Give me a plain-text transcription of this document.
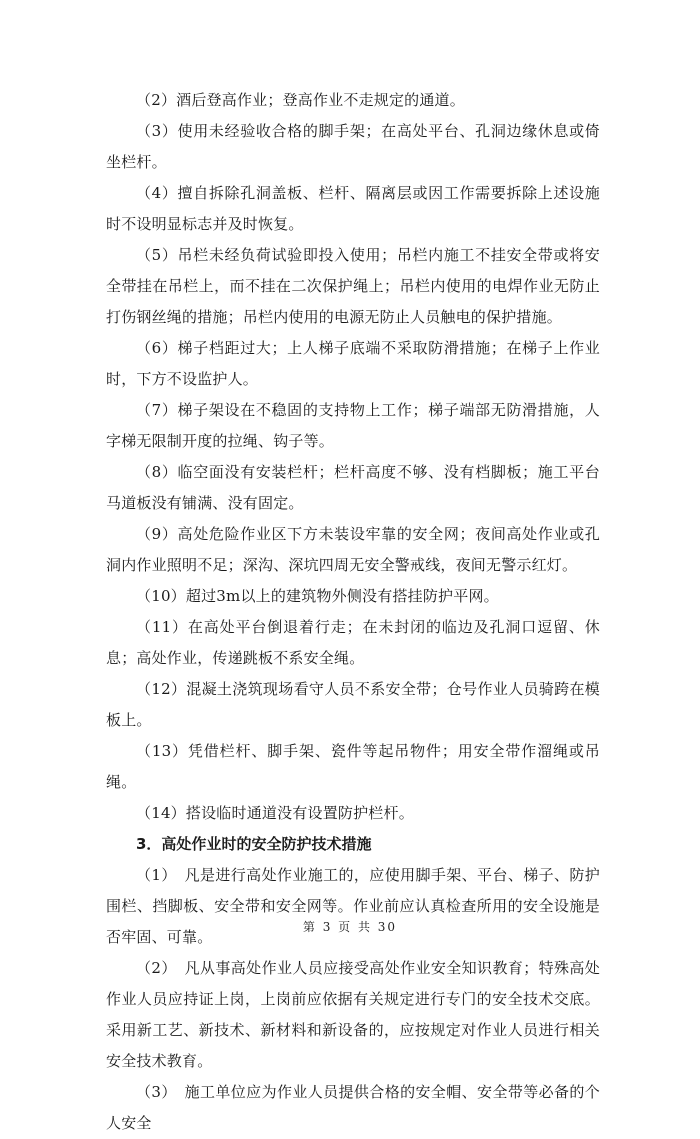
（2）酒后登高作业；登高作业不走规定的通道。

（3）使用未经验收合格的脚手架；在高处平台、孔洞边缘休息或倚坐栏杆。

（4）擅自拆除孔洞盖板、栏杆、隔离层或因工作需要拆除上述设施时不设明显标志并及时恢复。

（5）吊栏未经负荷试验即投入使用；吊栏内施工不挂安全带或将安全带挂在吊栏上，而不挂在二次保护绳上；吊栏内使用的电焊作业无防止打伤钢丝绳的措施；吊栏内使用的电源无防止人员触电的保护措施。

（6）梯子档距过大；上人梯子底端不采取防滑措施；在梯子上作业时，下方不设监护人。

（7）梯子架设在不稳固的支持物上工作；梯子端部无防滑措施，人字梯无限制开度的拉绳、钩子等。

（8）临空面没有安装栏杆；栏杆高度不够、没有档脚板；施工平台马道板没有铺满、没有固定。

（9）高处危险作业区下方未装设牢靠的安全网；夜间高处作业或孔洞内作业照明不足；深沟、深坑四周无安全警戒线，夜间无警示红灯。

（10）超过3m以上的建筑物外侧没有搭挂防护平网。

（11）在高处平台倒退着行走；在未封闭的临边及孔洞口逗留、休息；高处作业，传递跳板不系安全绳。

（12）混凝土浇筑现场看守人员不系安全带；仓号作业人员骑跨在模板上。

（13）凭借栏杆、脚手架、瓷件等起吊物件；用安全带作溜绳或吊绳。

（14）搭设临时通道没有设置防护栏杆。

3．高处作业时的安全防护技术措施

（1）　凡是进行高处作业施工的，应使用脚手架、平台、梯子、防护围栏、挡脚板、安全带和安全网等。作业前应认真检查所用的安全设施是否牢固、可靠。

（2）　凡从事高处作业人员应接受高处作业安全知识教育；特殊高处作业人员应持证上岗，上岗前应依据有关规定进行专门的安全技术交底。采用新工艺、新技术、新材料和新设备的，应按规定对作业人员进行相关安全技术教育。

（3）　施工单位应为作业人员提供合格的安全帽、安全带等必备的个人安全

第 3 页 共 30
